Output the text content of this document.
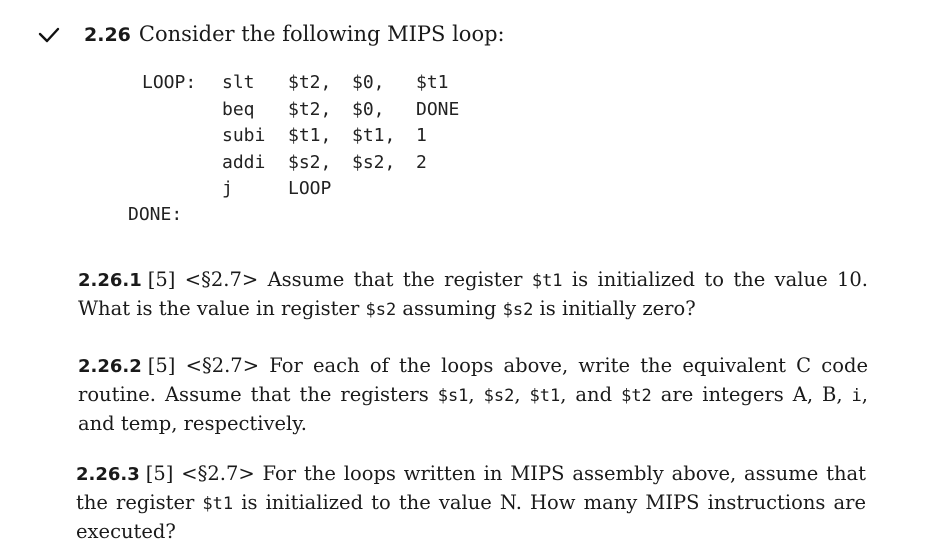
2.26 Consider the following MIPS loop:
LOOP:	slt	$t2,	$0,	$t1
beq	$t2,	$0,	DONE
subi	$t1,	$t1,	1
addi	$s2,	$s2,	2
j	LOOP
DONE:
2.26.1 [5] <§2.7> Assume that the register $t1 is initialized to the value 10. What is the value in register $s2 assuming $s2 is initially zero?
2.26.2 [5] <§2.7> For each of the loops above, write the equivalent C code routine. Assume that the registers $s1, $s2, $t1, and $t2 are integers A, B, i, and temp, respectively.
2.26.3 [5] <§2.7> For the loops written in MIPS assembly above, assume that the register $t1 is initialized to the value N. How many MIPS instructions are executed?
